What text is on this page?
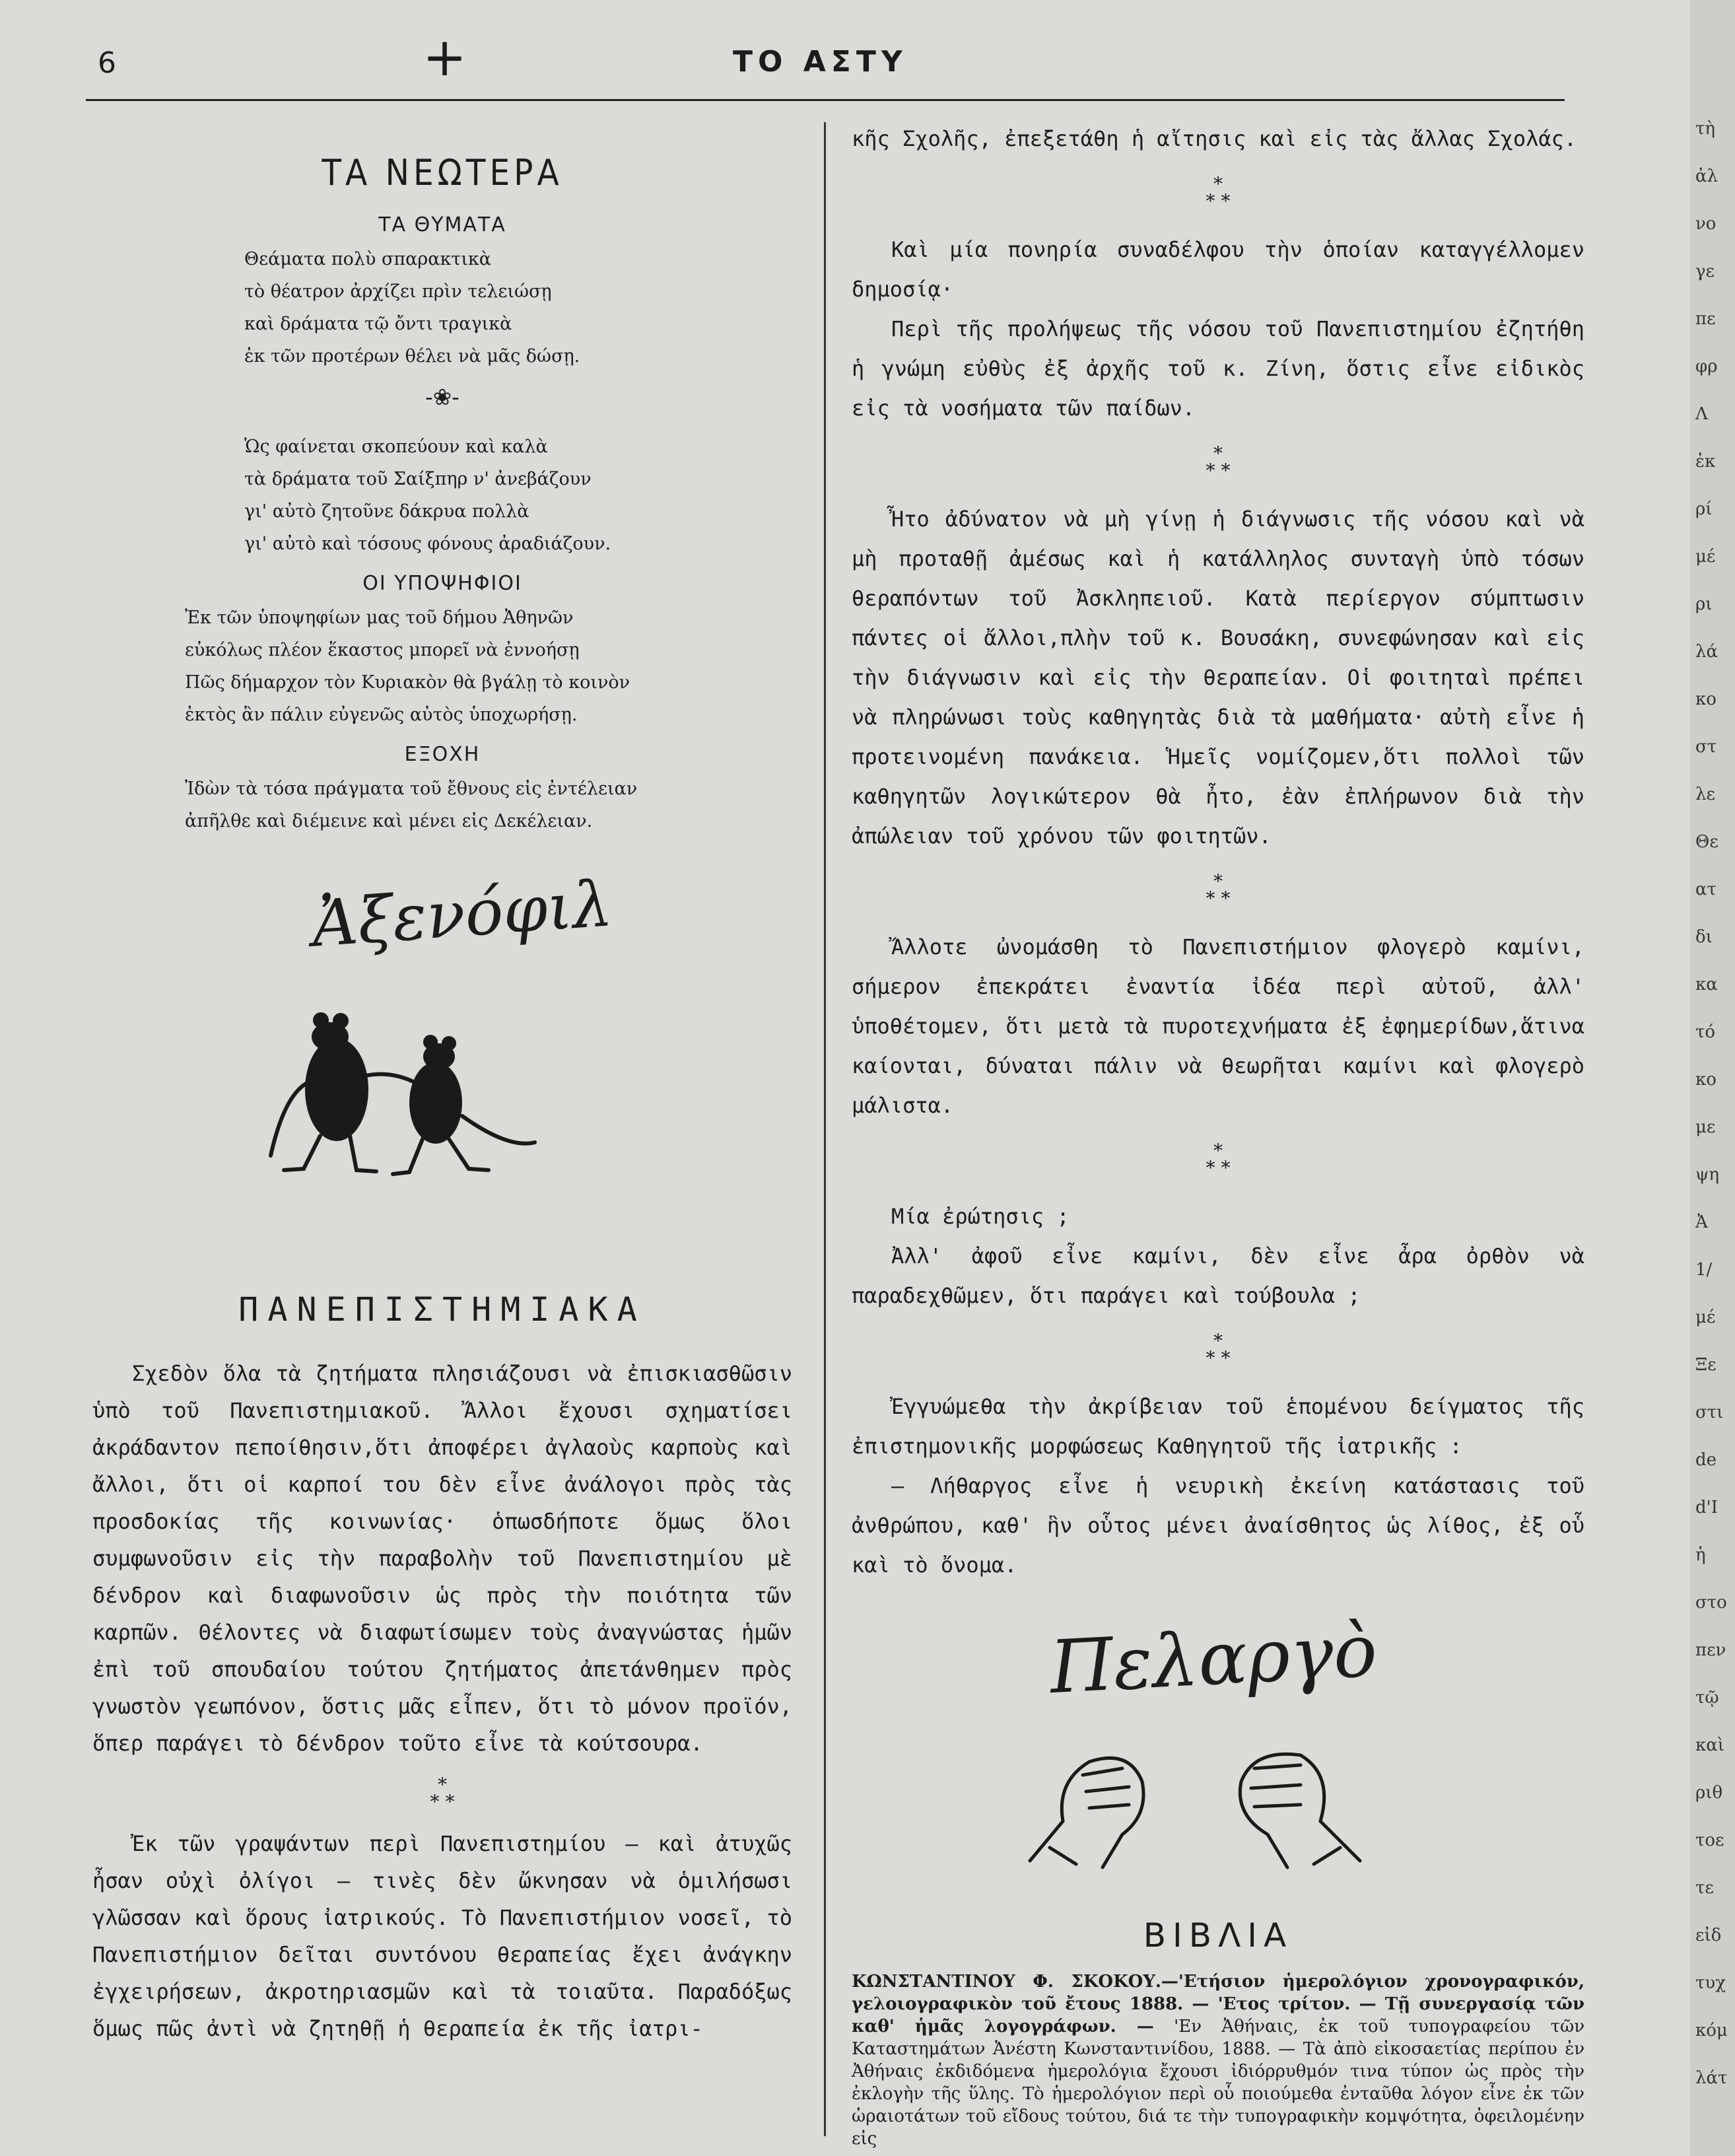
6	+	ΤΟ ΑΣΤΥ
ΤΑ ΝΕΩΤΕΡΑ
ΤΑ ΘΥΜΑΤΑ
Θεάματα πολὺ σπαρακτικὰ
τὸ θέατρον ἀρχίζει πρὶν τελειώσῃ
καὶ δράματα τῷ ὄντι τραγικὰ
ἐκ τῶν προτέρων θέλει νὰ μᾶς δώσῃ.
-❀-
Ὡς φαίνεται σκοπεύουν καὶ καλὰ
τὰ δράματα τοῦ Σαίξπηρ ν' ἀνεβάζουν
γι' αὐτὸ ζητοῦνε δάκρυα πολλὰ
γι' αὐτὸ καὶ τόσους φόνους ἀραδιάζουν.
ΟΙ ΥΠΟΨΗΦΙΟΙ
Ἐκ τῶν ὑποψηφίων μας τοῦ δήμου Ἀθηνῶν
εὐκόλως πλέον ἕκαστος μπορεῖ νὰ ἐννοήσῃ
Πῶς δήμαρχον τὸν Κυριακὸν θὰ βγάλῃ τὸ κοινὸν
ἐκτὸς ἂν πάλιν εὐγενῶς αὐτὸς ὑποχωρήσῃ.
ΕΞΟΧΗ
Ἰδὼν τὰ τόσα πράγματα τοῦ ἔθνους εἰς ἐντέλειαν
ἀπῆλθε καὶ διέμεινε καὶ μένει εἰς Δεκέλειαν.
Ἀξενόφιλ
ΠΑΝΕΠΙΣΤΗΜΙΑΚΑ

Σχεδὸν ὅλα τὰ ζητήματα πλησιάζουσι νὰ ἐπισκιασθῶσιν ὑπὸ τοῦ Πανεπιστημιακοῦ. Ἄλλοι ἔχουσι σχηματίσει ἀκράδαντον πεποίθησιν,ὅτι ἀποφέρει ἀγλαοὺς καρποὺς καὶ ἄλλοι, ὅτι οἱ καρποί του δὲν εἶνε ἀνάλογοι πρὸς τὰς προσδοκίας τῆς κοινωνίας· ὁπωσδήποτε ὅμως ὅλοι συμφωνοῦσιν εἰς τὴν παραβολὴν τοῦ Πανεπιστημίου μὲ δένδρον καὶ διαφωνοῦσιν ὡς πρὸς τὴν ποιότητα τῶν καρπῶν. Θέλοντες νὰ διαφωτίσωμεν τοὺς ἀναγνώστας ἡμῶν ἐπὶ τοῦ σπουδαίου τούτου ζητήματος ἀπετάνθημεν πρὸς γνωστὸν γεωπόνον, ὅστις μᾶς εἶπεν, ὅτι τὸ μόνον προϊόν, ὅπερ παράγει τὸ δένδρον τοῦτο εἶνε τὰ κούτσουρα.

*
* *

Ἐκ τῶν γραψάντων περὶ Πανεπιστημίου — καὶ ἀτυχῶς ἦσαν οὐχὶ ὀλίγοι — τινὲς δὲν ὤκνησαν νὰ ὁμιλήσωσι γλῶσσαν καὶ ὅρους ἰατρικούς. Τὸ Πανεπιστήμιον νοσεῖ, τὸ Πανεπιστήμιον δεῖται συντόνου θεραπείας ἔχει ἀνάγκην ἐγχειρήσεων, ἀκροτηριασμῶν καὶ τὰ τοιαῦτα. Παραδόξως ὅμως πῶς ἀντὶ νὰ ζητηθῇ ἡ θεραπεία ἐκ τῆς ἰατρι-

κῆς Σχολῆς, ἐπεξετάθη ἡ αἴτησις καὶ εἰς τὰς ἄλλας Σχολάς.

*
* *

Καὶ μία πονηρία συναδέλφου τὴν ὁποίαν καταγγέλλομεν δημοσίᾳ·

Περὶ τῆς προλήψεως τῆς νόσου τοῦ Πανεπιστημίου ἐζητήθη ἡ γνώμη εὐθὺς ἐξ ἀρχῆς τοῦ κ. Ζίνη, ὅστις εἶνε εἰδικὸς εἰς τὰ νοσήματα τῶν παίδων.

*
* *

Ἦτο ἀδύνατον νὰ μὴ γίνῃ ἡ διάγνωσις τῆς νόσου καὶ νὰ μὴ προταθῇ ἀμέσως καὶ ἡ κατάλληλος συνταγὴ ὑπὸ τόσων θεραπόντων τοῦ Ἀσκληπειοῦ. Κατὰ περίεργον σύμπτωσιν πάντες οἱ ἄλλοι,πλὴν τοῦ κ. Βουσάκη, συνεφώνησαν καὶ εἰς τὴν διάγνωσιν καὶ εἰς τὴν θεραπείαν. Οἱ φοιτηταὶ πρέπει νὰ πληρώνωσι τοὺς καθηγητὰς διὰ τὰ μαθήματα· αὐτὴ εἶνε ἡ προτεινομένη πανάκεια. Ἡμεῖς νομίζομεν,ὅτι πολλοὶ τῶν καθηγητῶν λογικώτερον θὰ ἦτο, ἐὰν ἐπλήρωνον διὰ τὴν ἀπώλειαν τοῦ χρόνου τῶν φοιτητῶν.

*
* *

Ἄλλοτε ὠνομάσθη τὸ Πανεπιστήμιον φλογερὸ καμίνι, σήμερον ἐπεκράτει ἐναντία ἰδέα περὶ αὐτοῦ, ἀλλ' ὑποθέτομεν, ὅτι μετὰ τὰ πυροτεχνήματα ἐξ ἐφημερίδων,ἅτινα καίονται, δύναται πάλιν νὰ θεωρῆται καμίνι καὶ φλογερὸ μάλιστα.

*
* *

Μία ἐρώτησις ;

Ἀλλ' ἀφοῦ εἶνε καμίνι, δὲν εἶνε ἆρα ὀρθὸν νὰ παραδεχθῶμεν, ὅτι παράγει καὶ τούβουλα ;

*
* *

Ἐγγυώμεθα τὴν ἀκρίβειαν τοῦ ἑπομένου δείγματος τῆς ἐπιστημονικῆς μορφώσεως Καθηγητοῦ τῆς ἰατρικῆς :

— Λήθαργος εἶνε ἡ νευρικὴ ἐκείνη κατάστασις τοῦ ἀνθρώπου, καθ' ἣν οὗτος μένει ἀναίσθητος ὡς λίθος, ἐξ οὗ καὶ τὸ ὄνομα.

Πελαργὸ
ΒΙΒΛΙΑ

ΚΩΝΣΤΑΝΤΙΝΟΥ Φ. ΣΚΟΚΟΥ.—'Ετήσιον ἡμερολόγιον χρονογραφικόν, γελοιογραφικὸν τοῦ ἔτους 1888. — 'Ετος τρίτον. — Τῇ συνεργασίᾳ τῶν καθ' ἡμᾶς λογογράφων. — 'Εν Ἀθήναις, ἐκ τοῦ τυπογραφείου τῶν Καταστημάτων Ἀνέστη Κωνσταντινίδου, 1888. — Τὰ ἀπὸ εἰκοσαετίας περίπου ἐν Ἀθήναις ἐκδιδόμενα ἡμερολόγια ἔχουσι ἰδιόρρυθμόν τινα τύπον ὡς πρὸς τὴν ἐκλογὴν τῆς ὕλης. Τὸ ἡμερολόγιον περὶ οὗ ποιούμεθα ἐνταῦθα λόγον εἶνε ἐκ τῶν ὡραιοτάτων τοῦ εἴδους τούτου, διά τε τὴν τυπογραφικὴν κομψότητα, ὀφειλομένην εἰς

τὴ
ἀλ
νο
γε
πε
φρ
Λ
ἐκ
ρί
μέ
ρι
λά
κο
στ
λε
Θε
ατ
δι
κα
τό
κο
με
ψη
Ἀ
1/
μέ
Ξε
στι
de
d'I
ἡ
στο
πεν
τῷ
καὶ
ριθ
τοε
τε
εἰδ
τυχ
κόμ
λάτ
